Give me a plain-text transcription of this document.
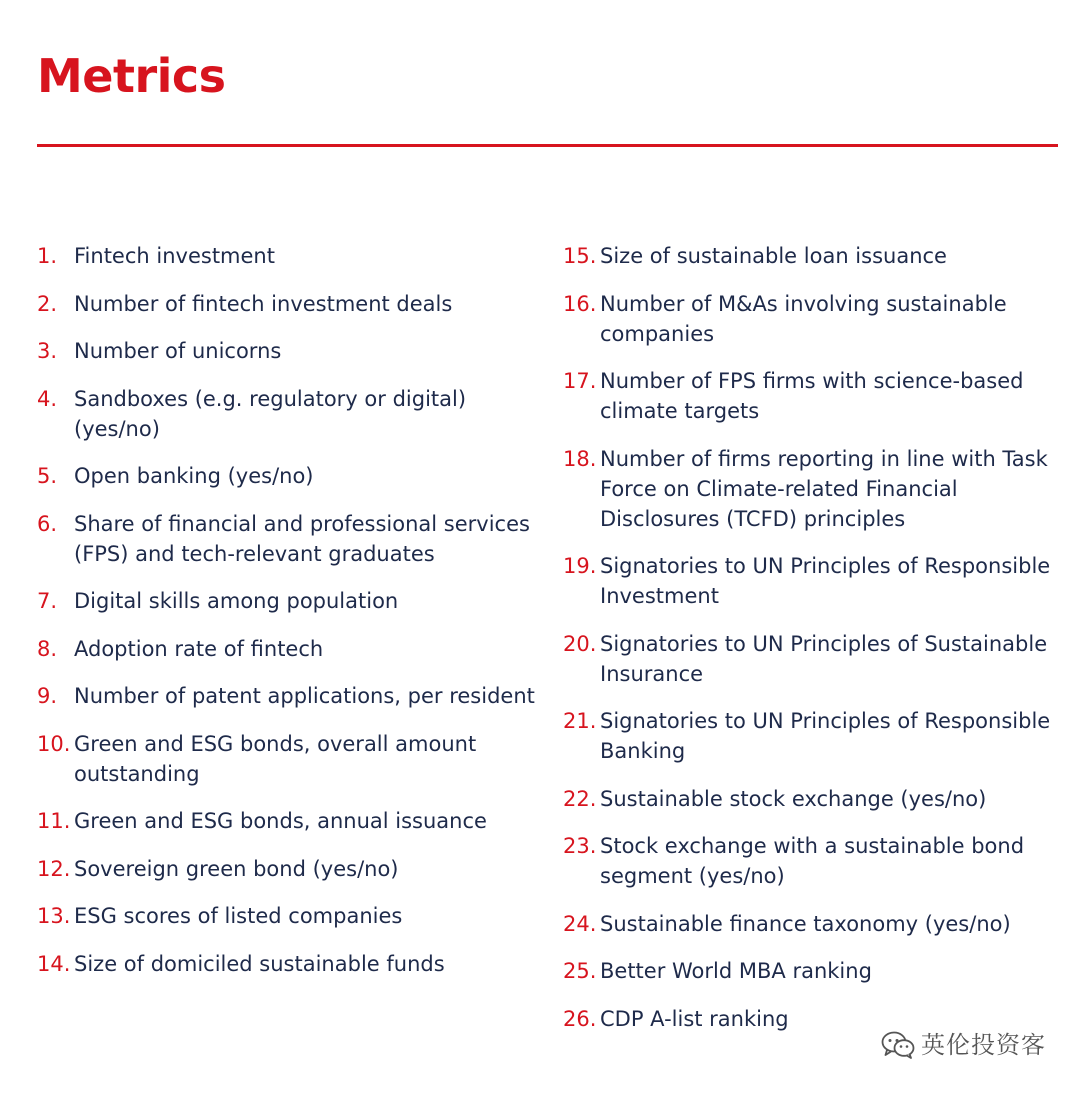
Metrics
1. Fintech investment
2. Number of fintech investment deals
3. Number of unicorns
4. Sandboxes (e.g. regulatory or digital) (yes/no)
5. Open banking (yes/no)
6. Share of financial and professional services (FPS) and tech-relevant graduates
7. Digital skills among population
8. Adoption rate of fintech
9. Number of patent applications, per resident
10. Green and ESG bonds, overall amount outstanding
11. Green and ESG bonds, annual issuance
12. Sovereign green bond (yes/no)
13. ESG scores of listed companies
14. Size of domiciled sustainable funds
15. Size of sustainable loan issuance
16. Number of M&As involving sustainable companies
17. Number of FPS firms with science-based climate targets
18. Number of firms reporting in line with Task Force on Climate-related Financial Disclosures (TCFD) principles
19. Signatories to UN Principles of Responsible Investment
20. Signatories to UN Principles of Sustainable Insurance
21. Signatories to UN Principles of Responsible Banking
22. Sustainable stock exchange (yes/no)
23. Stock exchange with a sustainable bond segment (yes/no)
24. Sustainable finance taxonomy (yes/no)
25. Better World MBA ranking
26. CDP A-list ranking
英伦投资客
